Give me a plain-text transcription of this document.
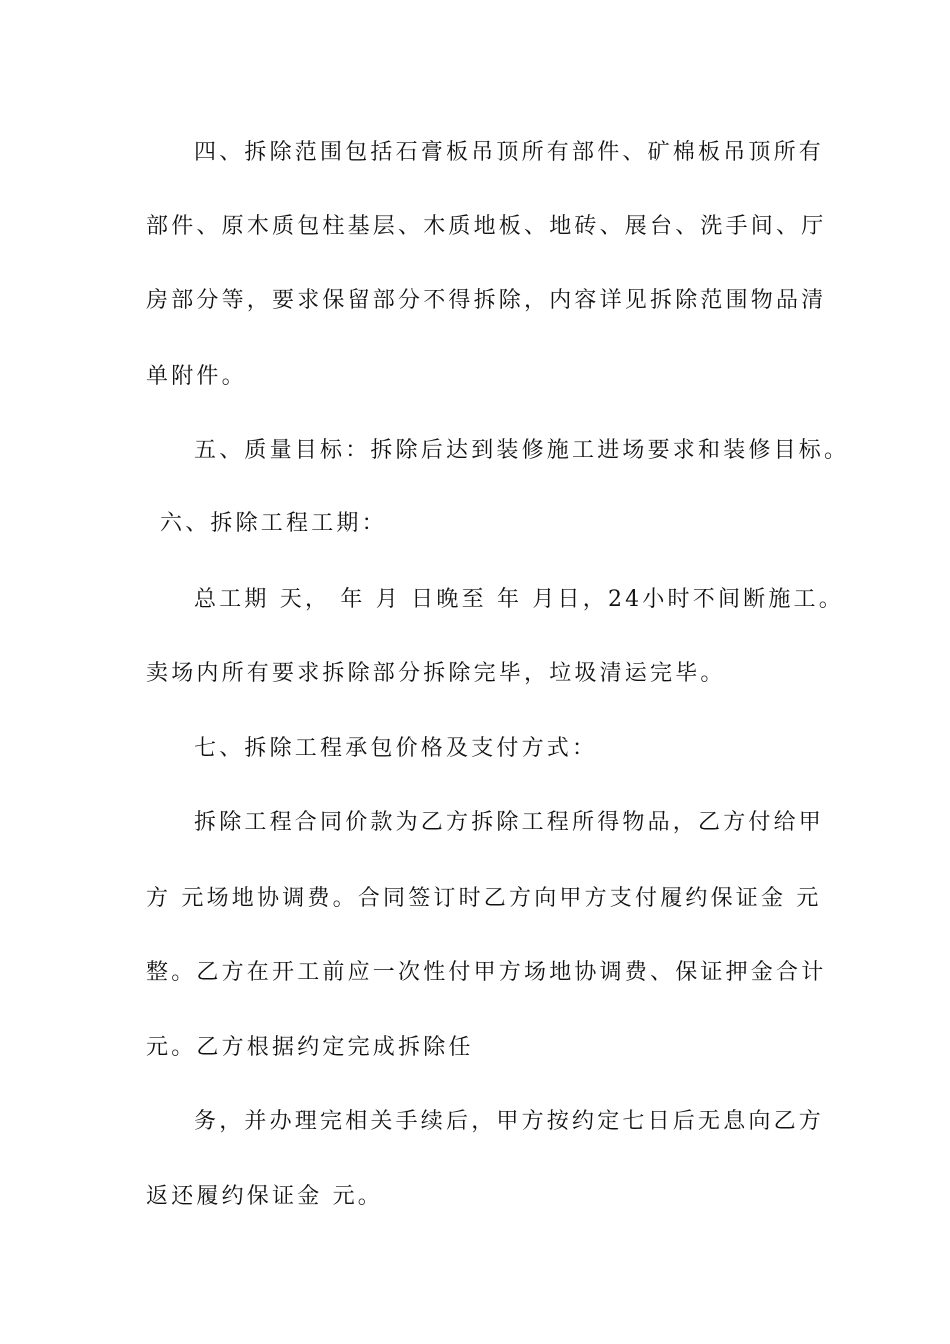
四、拆除范围包括石膏板吊顶所有部件、矿棉板吊顶所有
部件、原木质包柱基层、木质地板、地砖、展台、洗手间、厅
房部分等，要求保留部分不得拆除，内容详见拆除范围物品清
单附件。
五、质量目标：拆除后达到装修施工进场要求和装修目标。
六、拆除工程工期：
总工期 天， 年 月 日晚至 年 月日，24小时不间断施工。
卖场内所有要求拆除部分拆除完毕，垃圾清运完毕。
七、拆除工程承包价格及支付方式：
拆除工程合同价款为乙方拆除工程所得物品，乙方付给甲
方 元场地协调费。合同签订时乙方向甲方支付履约保证金 元
整。乙方在开工前应一次性付甲方场地协调费、保证押金合计
元。乙方根据约定完成拆除任
务，并办理完相关手续后，甲方按约定七日后无息向乙方
返还履约保证金 元。
